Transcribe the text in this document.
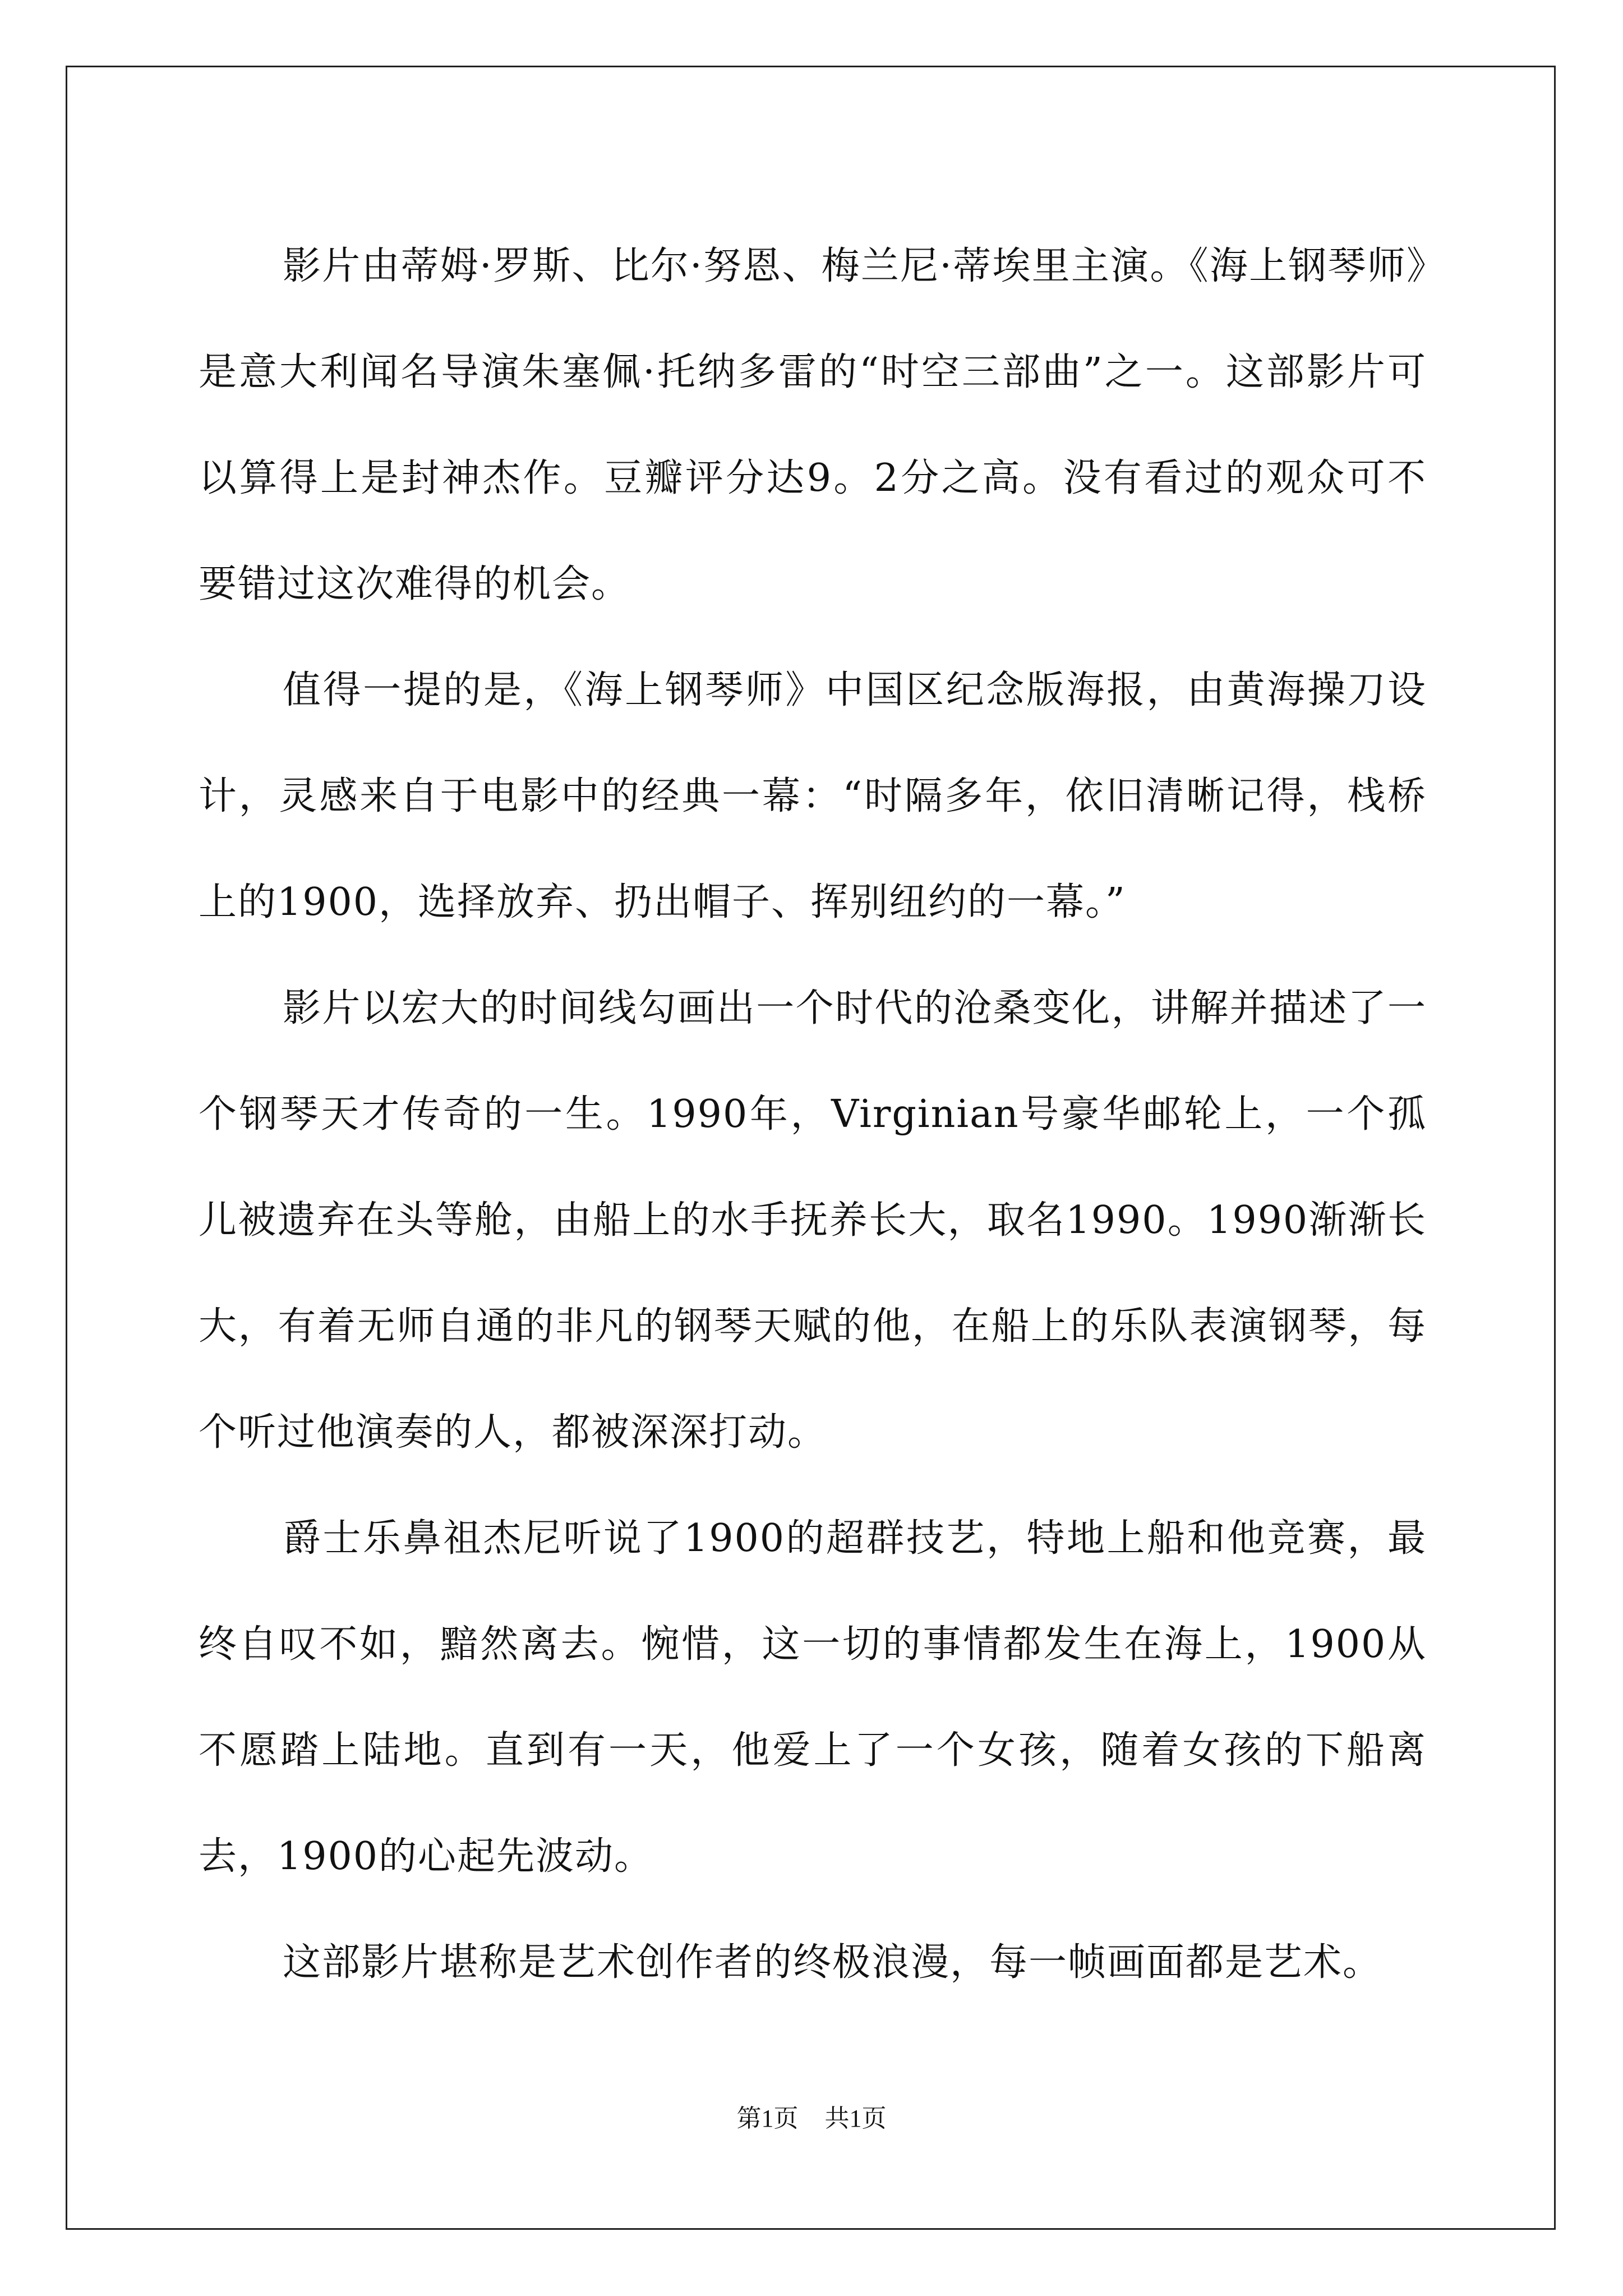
影片由蒂姆·罗斯、比尔·努恩、梅兰尼·蒂埃里主演。《海上钢琴师》是意大利闻名导演朱塞佩·托纳多雷的“时空三部曲”之一。这部影片可以算得上是封神杰作。豆瓣评分达9。2分之高。没有看过的观众可不要错过这次难得的机会。

值得一提的是，《海上钢琴师》中国区纪念版海报，由黄海操刀设计，灵感来自于电影中的经典一幕：“时隔多年，依旧清晰记得，栈桥上的1900，选择放弃、扔出帽子、挥别纽约的一幕。”

影片以宏大的时间线勾画出一个时代的沧桑变化，讲解并描述了一个钢琴天才传奇的一生。1990年，Virginian号豪华邮轮上，一个孤儿被遗弃在头等舱，由船上的水手抚养长大，取名1990。1990渐渐长大，有着无师自通的非凡的钢琴天赋的他，在船上的乐队表演钢琴，每个听过他演奏的人，都被深深打动。

爵士乐鼻祖杰尼听说了1900的超群技艺，特地上船和他竞赛，最终自叹不如，黯然离去。惋惜，这一切的事情都发生在海上，1900从不愿踏上陆地。直到有一天，他爱上了一个女孩，随着女孩的下船离去，1900的心起先波动。

这部影片堪称是艺术创作者的终极浪漫，每一帧画面都是艺术。

第1页 共1页
